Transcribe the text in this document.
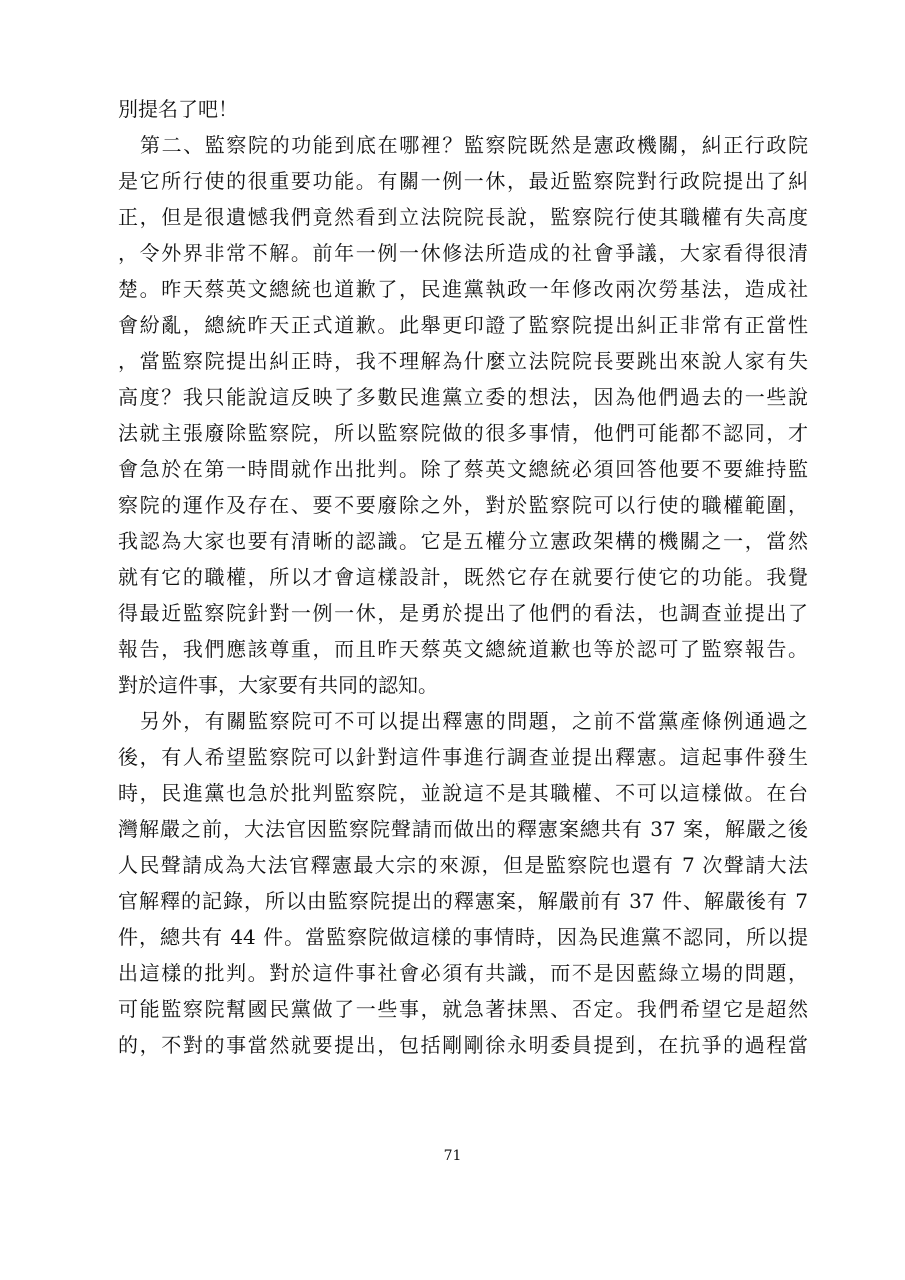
別提名了吧！
第二、監察院的功能到底在哪裡？監察院既然是憲政機關，糾正行政院
是它所行使的很重要功能。有關一例一休，最近監察院對行政院提出了糾
正，但是很遺憾我們竟然看到立法院院長說，監察院行使其職權有失高度
，令外界非常不解。前年一例一休修法所造成的社會爭議，大家看得很清
楚。昨天蔡英文總統也道歉了，民進黨執政一年修改兩次勞基法，造成社
會紛亂，總統昨天正式道歉。此舉更印證了監察院提出糾正非常有正當性
，當監察院提出糾正時，我不理解為什麼立法院院長要跳出來說人家有失
高度？我只能說這反映了多數民進黨立委的想法，因為他們過去的一些說
法就主張廢除監察院，所以監察院做的很多事情，他們可能都不認同，才
會急於在第一時間就作出批判。除了蔡英文總統必須回答他要不要維持監
察院的運作及存在、要不要廢除之外，對於監察院可以行使的職權範圍，
我認為大家也要有清晰的認識。它是五權分立憲政架構的機關之一，當然
就有它的職權，所以才會這樣設計，既然它存在就要行使它的功能。我覺
得最近監察院針對一例一休，是勇於提出了他們的看法，也調查並提出了
報告，我們應該尊重，而且昨天蔡英文總統道歉也等於認可了監察報告。
對於這件事，大家要有共同的認知。
另外，有關監察院可不可以提出釋憲的問題，之前不當黨產條例通過之
後，有人希望監察院可以針對這件事進行調查並提出釋憲。這起事件發生
時，民進黨也急於批判監察院，並說這不是其職權、不可以這樣做。在台
灣解嚴之前，大法官因監察院聲請而做出的釋憲案總共有 37 案，解嚴之後
人民聲請成為大法官釋憲最大宗的來源，但是監察院也還有 7 次聲請大法
官解釋的記錄，所以由監察院提出的釋憲案，解嚴前有 37 件、解嚴後有 7
件，總共有 44 件。當監察院做這樣的事情時，因為民進黨不認同，所以提
出這樣的批判。對於這件事社會必須有共識，而不是因藍綠立場的問題，
可能監察院幫國民黨做了一些事，就急著抹黑、否定。我們希望它是超然
的，不對的事當然就要提出，包括剛剛徐永明委員提到，在抗爭的過程當
71
